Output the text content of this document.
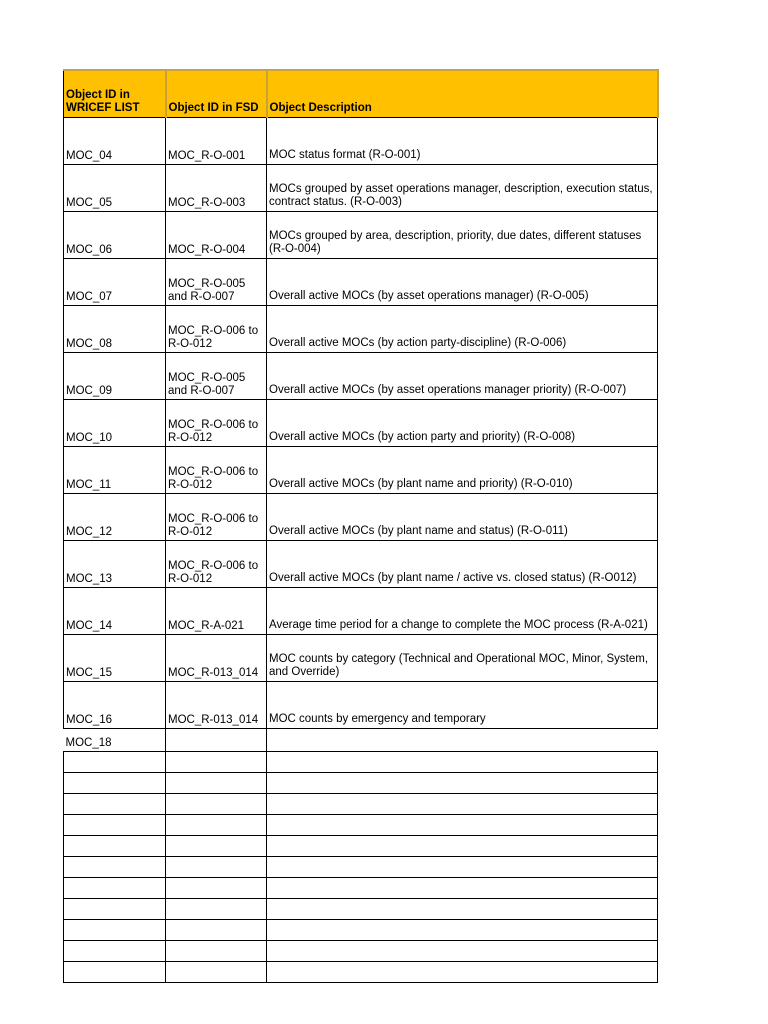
Object ID in WRICEF LIST	Object ID in FSD	Object Description
MOC_04	MOC_R-O-001	MOC status format (R-O-001)
MOC_05	MOC_R-O-003	MOCs grouped by asset operations manager, description, execution status, contract status. (R-O-003)
MOC_06	MOC_R-O-004	MOCs grouped by area, description, priority, due dates, different statuses (R-O-004)
MOC_07	MOC_R-O-005 and R-O-007	Overall active MOCs (by asset operations manager) (R-O-005)
MOC_08	MOC_R-O-006 to R-O-012	Overall active MOCs (by action party-discipline) (R-O-006)
MOC_09	MOC_R-O-005 and R-O-007	Overall active MOCs (by asset operations manager priority) (R-O-007)
MOC_10	MOC_R-O-006 to R-O-012	Overall active MOCs (by action party and priority) (R-O-008)
MOC_11	MOC_R-O-006 to R-O-012	Overall active MOCs (by plant name and priority) (R-O-010)
MOC_12	MOC_R-O-006 to R-O-012	Overall active MOCs (by plant name and status) (R-O-011)
MOC_13	MOC_R-O-006 to R-O-012	Overall active MOCs (by plant name / active vs. closed status) (R-O012)
MOC_14	MOC_R-A-021	Average time period for a change to complete the MOC process (R-A-021)
MOC_15	MOC_R-013_014	MOC counts by category (Technical and Operational MOC, Minor, System, and Override)
MOC_16	MOC_R-013_014	MOC counts by emergency and temporary
MOC_18		
